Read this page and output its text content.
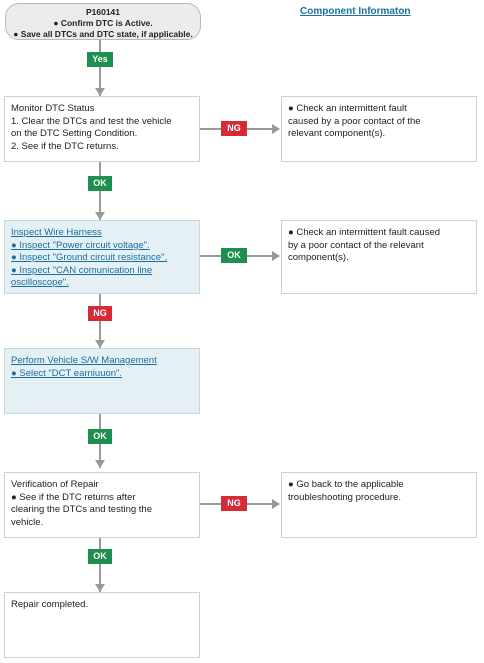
P160141
● Confirm DTC is Active.
● Save all DTCs and DTC state, if applicable.
Component Informaton
Yes
Monitor DTC Status
1. Clear the DTCs and test the vehicle
on the DTC Setting Condition.
2. See if the DTC returns.
NG
● Check an intermittent fault
caused by a poor contact of the
relevant component(s).
OK
Inspect Wire Harness
● Inspect "Power circuit voltage".
● Inspect "Ground circuit resistance".
● Inspect "CAN comunication line
oscilloscope".
OK
● Check an intermittent fault caused
by a poor contact of the relevant
component(s).
NG
Perform Vehicle S/W Management
● Select "DCT earniuuon".
OK
Verification of Repair
● See if the DTC returns after
clearing the DTCs and testing the
vehicle.
NG
● Go back to the applicable
troubleshooting procedure.
OK
Repair completed.
